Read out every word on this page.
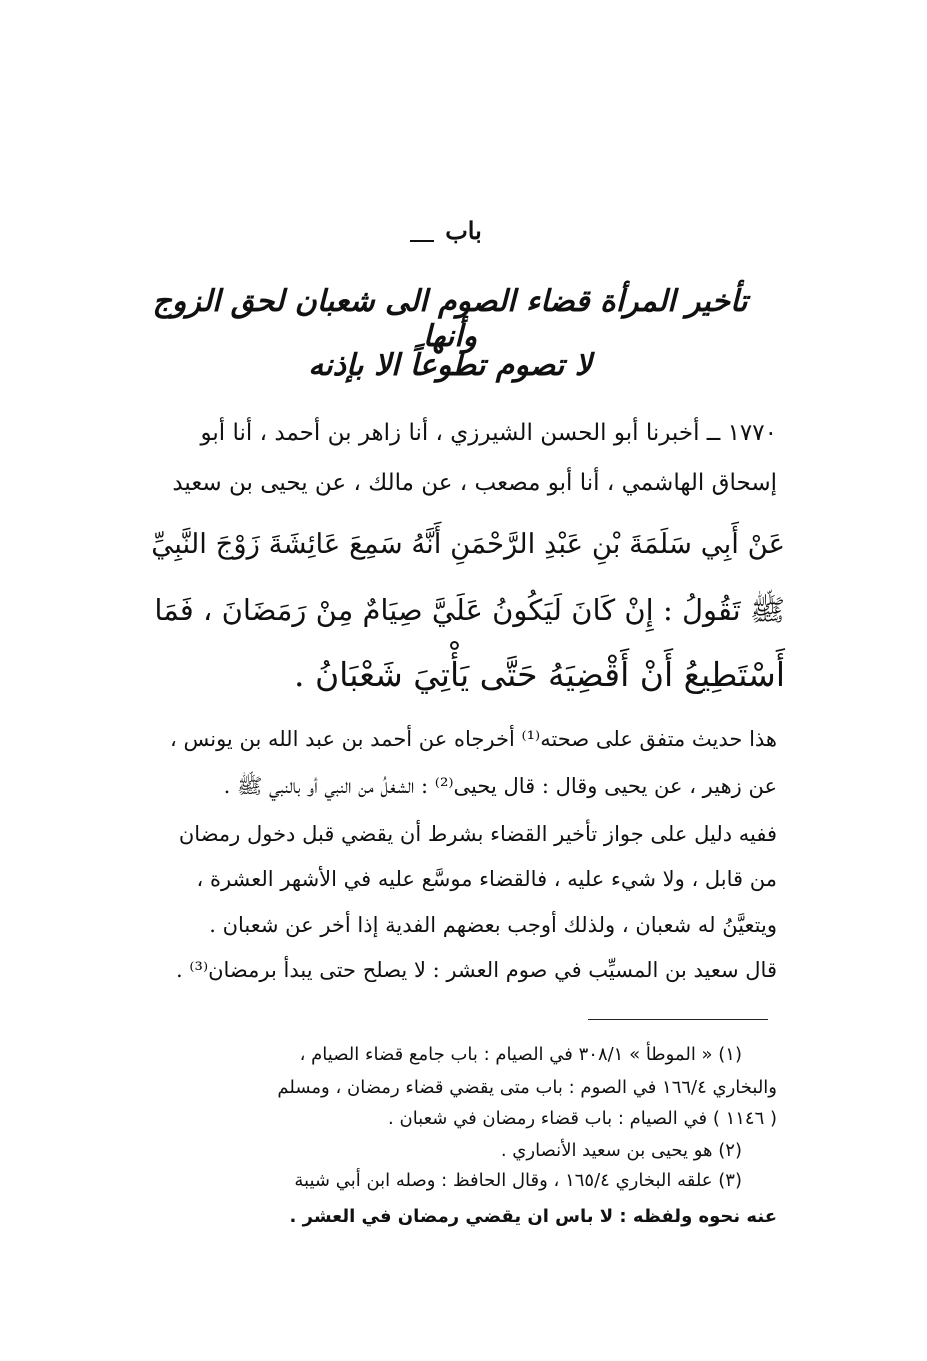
باب
تأخير المرأة قضاء الصوم الى شعبان لحق الزوج وأنها
لا تصوم تطوعاً الا بإذنه
١٧٧٠ ــ أخبرنا أبو الحسن الشيرزي ، أنا زاهر بن أحمد ، أنا أبو
إسحاق الهاشمي ، أنا أبو مصعب ، عن مالك ، عن يحيى بن سعيد
عَنْ أَبِي سَلَمَةَ بْنِ عَبْدِ الرَّحْمَنِ أَنَّهُ سَمِعَ عَائِشَةَ زَوْجَ النَّبِيِّ
ﷺ تَقُولُ : إِنْ كَانَ لَيَكُونُ عَلَيَّ صِيَامٌ مِنْ رَمَضَانَ ، فَمَا
أَسْتَطِيعُ أَنْ أَقْضِيَهُ حَتَّى يَأْتِيَ شَعْبَانُ .
هذا حديث متفق على صحته⁽¹⁾ أخرجاه عن أحمد بن عبد الله بن يونس ،
عن زهير ، عن يحيى وقال : قال يحيى⁽²⁾ : الشغلُ من النبي أو بالنبي ﷺ .
ففيه دليل على جواز تأخير القضاء بشرط أن يقضي قبل دخول رمضان
من قابل ، ولا شيء عليه ، فالقضاء موسَّع عليه في الأشهر العشرة ،
ويتعيَّنُ له شعبان ، ولذلك أوجب بعضهم الفدية إذا أخر عن شعبان .
قال سعيد بن المسيِّب في صوم العشر : لا يصلح حتى يبدأ برمضان⁽³⁾ .
(١) « الموطأ » ٣٠٨/١ في الصيام : باب جامع قضاء الصيام ،
والبخاري ١٦٦/٤ في الصوم : باب متى يقضي قضاء رمضان ، ومسلم
( ١١٤٦ ) في الصيام : باب قضاء رمضان في شعبان .
(٢) هو يحيى بن سعيد الأنصاري .
(٣) علقه البخاري ١٦٥/٤ ، وقال الحافظ : وصله ابن أبي شيبة
عنه نحوه ولفظه : لا باس ان يقضي رمضان في العشر .
